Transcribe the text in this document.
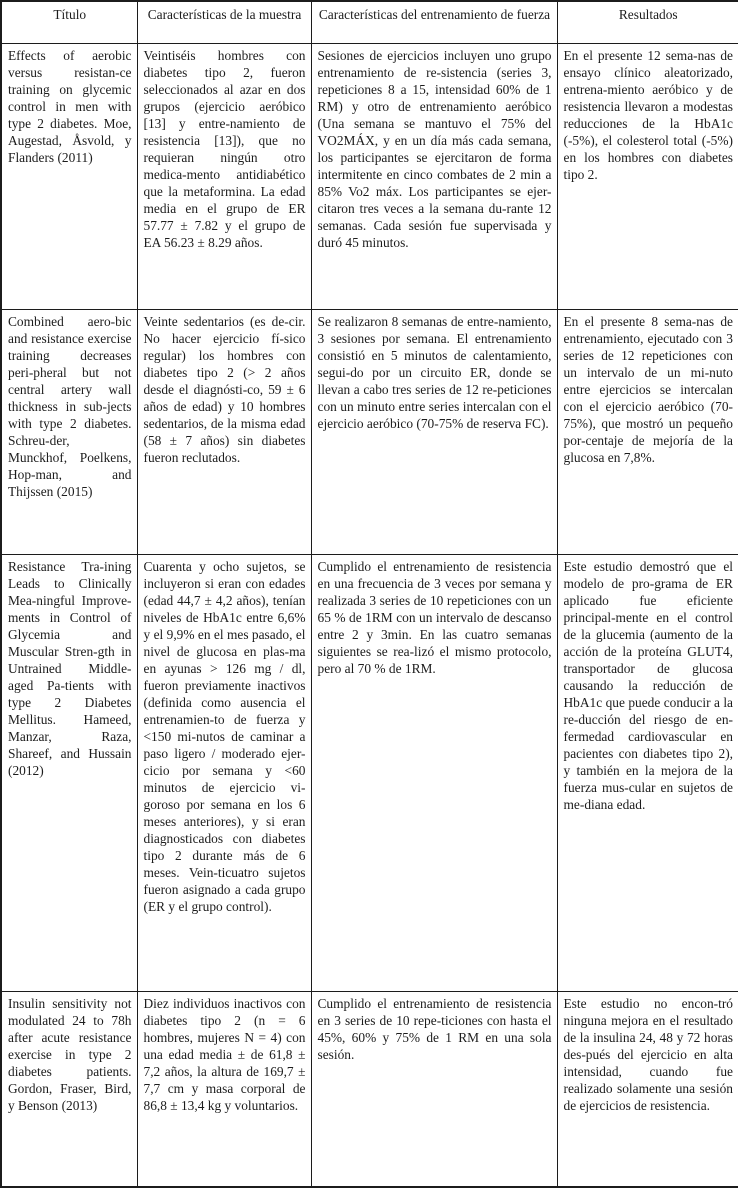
Título	Características de la muestra	Características del entrenamiento de fuerza	Resultados
Effects of aerobic versus resistan-ce training on glycemic control in men with type 2 diabetes. Moe, Augestad, Åsvold, y Flanders (2011)	Veintiséis hombres con diabetes tipo 2, fueron seleccionados al azar en dos grupos (ejercicio aeróbico [13] y entre-namiento de resistencia [13]), que no requieran ningún otro medica-mento antidiabético que la metaformina. La edad media en el grupo de ER 57.77 ± 7.82 y el grupo de EA 56.23 ± 8.29 años.	Sesiones de ejercicios incluyen uno grupo entrenamiento de re-sistencia (series 3, repeticiones 8 a 15, intensidad 60% de 1 RM) y otro de entrenamiento aeróbico (Una semana se mantuvo el 75% del VO2MÁX, y en un día más cada semana, los participantes se ejercitaron de forma intermitente en cinco combates de 2 min a 85% Vo2 máx. Los participantes se ejer-citaron tres veces a la semana du-rante 12 semanas. Cada sesión fue supervisada y duró 45 minutos.	En el presente 12 sema-nas de ensayo clínico aleatorizado, entrena-miento aeróbico y de resistencia llevaron a modestas reducciones de la HbA1c (-5%), el colesterol total (-5%) en los hombres con diabetes tipo 2.
Combined aero-bic and resistance exercise training decreases peri-pheral but not central artery wall thickness in sub-jects with type 2 diabetes. Schreu-der, Munckhof, Poelkens, Hop-man, and Thijssen (2015)	Veinte sedentarios (es de-cir. No hacer ejercicio fí-sico regular) los hombres con diabetes tipo 2 (> 2 años desde el diagnósti-co, 59 ± 6 años de edad) y 10 hombres sedentarios, de la misma edad (58 ± 7 años) sin diabetes fueron reclutados.	Se realizaron 8 semanas de entre-namiento, 3 sesiones por semana. El entrenamiento consistió en 5 minutos de calentamiento, segui-do por un circuito ER, donde se llevan a cabo tres series de 12 re-peticiones con un minuto entre series intercalan con el ejercicio aeróbico (70-75% de reserva FC).	En el presente 8 sema-nas de entrenamiento, ejecutado con 3 series de 12 repeticiones con un intervalo de un mi-nuto entre ejercicios se intercalan con el ejercicio aeróbico (70-75%), que mostró un pequeño por-centaje de mejoría de la glucosa en 7,8%.
Resistance Tra-ining Leads to Clinically Mea-ningful Improve-ments in Control of Glycemia and Muscular Stren-gth in Untrained Middle-aged Pa-tients with type 2 Diabetes Mellitus. Hameed, Manzar, Raza, Shareef, and Hussain (2012)	Cuarenta y ocho sujetos, se incluyeron si eran con edades (edad 44,7 ± 4,2 años), tenían niveles de HbA1c entre 6,6% y el 9,9% en el mes pasado, el nivel de glucosa en plas-ma en ayunas > 126 mg / dl, fueron previamente inactivos (definida como ausencia el entrenamien-to de fuerza y <150 mi-nutos de caminar a paso ligero / moderado ejer-cicio por semana y <60 minutos de ejercicio vi-goroso por semana en los 6 meses anteriores), y si eran diagnosticados con diabetes tipo 2 durante más de 6 meses. Vein-ticuatro sujetos fueron asignado a cada grupo (ER y el grupo control).	Cumplido el entrenamiento de resistencia en una frecuencia de 3 veces por semana y realizada 3 series de 10 repeticiones con un 65 % de 1RM con un intervalo de descanso entre 2 y 3min. En las cuatro semanas siguientes se rea-lizó el mismo protocolo, pero al 70 % de 1RM.	Este estudio demostró que el modelo de pro-grama de ER aplicado fue eficiente principal-mente en el control de la glucemia (aumento de la acción de la proteína GLUT4, transportador de glucosa causando la reducción de HbA1c que puede conducir a la re-ducción del riesgo de en-fermedad cardiovascular en pacientes con diabetes tipo 2), y también en la mejora de la fuerza mus-cular en sujetos de me-diana edad.
Insulin sensitivity not modulated 24 to 78h after acute resistance exercise in type 2 diabetes patients. Gordon, Fraser, Bird, y Benson (2013)	Diez individuos inactivos con diabetes tipo 2 (n = 6 hombres, mujeres N = 4) con una edad media ± de 61,8 ± 7,2 años, la altura de 169,7 ± 7,7 cm y masa corporal de 86,8 ± 13,4 kg y voluntarios.	Cumplido el entrenamiento de resistencia en 3 series de 10 repe-ticiones con hasta el 45%, 60% y 75% de 1 RM en una sola sesión.	Este estudio no encon-tró ninguna mejora en el resultado de la insulina 24, 48 y 72 horas des-pués del ejercicio en alta intensidad, cuando fue realizado solamente una sesión de ejercicios de resistencia.
